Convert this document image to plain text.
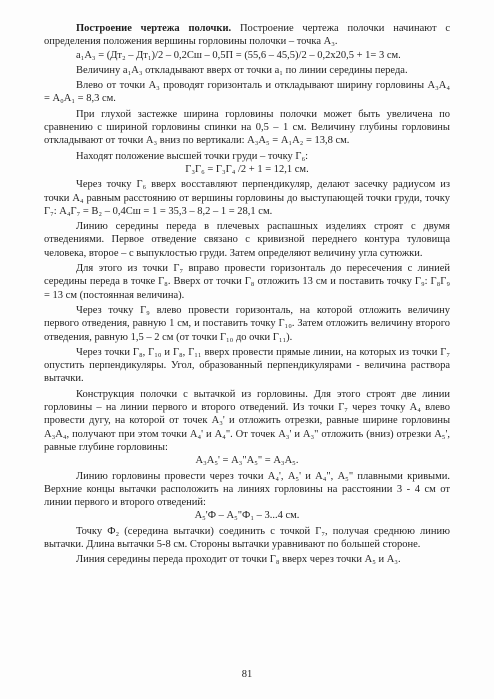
Построение чертежа полочки. Построение чертежа полочки начинают с определения положения вершины горловины полочки – точка А₃.

а₁А₃ = (Дт₂ – Дт₁)/2 – 0,2Сш – 0,5П = (55,6 – 45,5)/2 – 0,2x20,5 + 1= 3 см.

Величину а₁А₃ откладывают вверх от точки а₁ по линии середины переда.

Влево от точки А₃ проводят горизонталь и откладывают ширину горловины А₃А₄ = А₀А₁ = 8,3 см.

При глухой застежке ширина горловины полочки может быть увеличена по сравнению с шириной горловины спинки на 0,5 – 1 см. Величину глубины горловины откладывают от точки А₃ вниз по вертикали: А₃А₅ = А₁А₂ = 13,8 см.

Находят положение высшей точки груди – точку Г₆:

Г₃Г₆ = Г₃Г₄ /2 + 1 = 12,1 см.

Через точку Г₆ вверх восставляют перпендикуляр, делают засечку радиусом из точки А₄ равным расстоянию от вершины горловины до выступающей точки груди, точку Г₇: А₄Г₇ = В₂ – 0,4Сш = 1 = 35,3 – 8,2 – 1 = 28,1 см.

Линию середины переда в плечевых распашных изделиях строят с двумя отведениями. Первое отведение связано с кривизной переднего контура туловища человека, второе – с выпуклостью груди. Затем определяют величину угла сутюжки.

Для этого из точки Г₇ вправо провести горизонталь до пересечения с линией середины переда в точке Г₈. Вверх от точки Г₈ отложить 13 см и поставить точку Г₉: Г₈Г₉ = 13 см (постоянная величина).

Через точку Г₉ влево провести горизонталь, на которой отложить величину первого отведения, равную 1 см, и поставить точку Г₁₀. Затем отложить величину второго отведения, равную 1,5 – 2 см (от точки Г₁₀ до очки Г₁₁).

Через точки Г₈, Г₁₀ и Г₈, Г₁₁ вверх провести прямые линии, на которых из точки Г₇ опустить перпендикуляры. Угол, образованный перпендикулярами - величина раствора вытачки.

Конструкция полочки с вытачкой из горловины. Для этого строят две линии горловины – на линии первого и второго отведений. Из точки Г₇ через точку А₄ влево провести дугу, на которой от точек А₃' и отложить отрезки, равные ширине горловины А₃А₄, получают при этом точки А₄' и А₄". От точек А₃' и А₃" отложить (вниз) отрезки А₅', равные глубине горловины:

А₃А₅' = А₃"А₅" = А₃А₅.

Линию горловины провести через точки А₄', А₅' и А₄", А₅" плавными кривыми. Верхние концы вытачки расположить на линиях горловины на расстоянии 3 - 4 см от линии первого и второго отведений:

А₅'Ф – А₅"Ф₁ – 3...4 см.

Точку Ф₂ (середина вытачки) соединить с точкой Г₇, получая среднюю линию вытачки. Длина вытачки 5-8 см. Стороны вытачки уравнивают по большей стороне.

Линия середины переда проходит от точки Г₈ вверх через точки А₅ и А₃.

81
